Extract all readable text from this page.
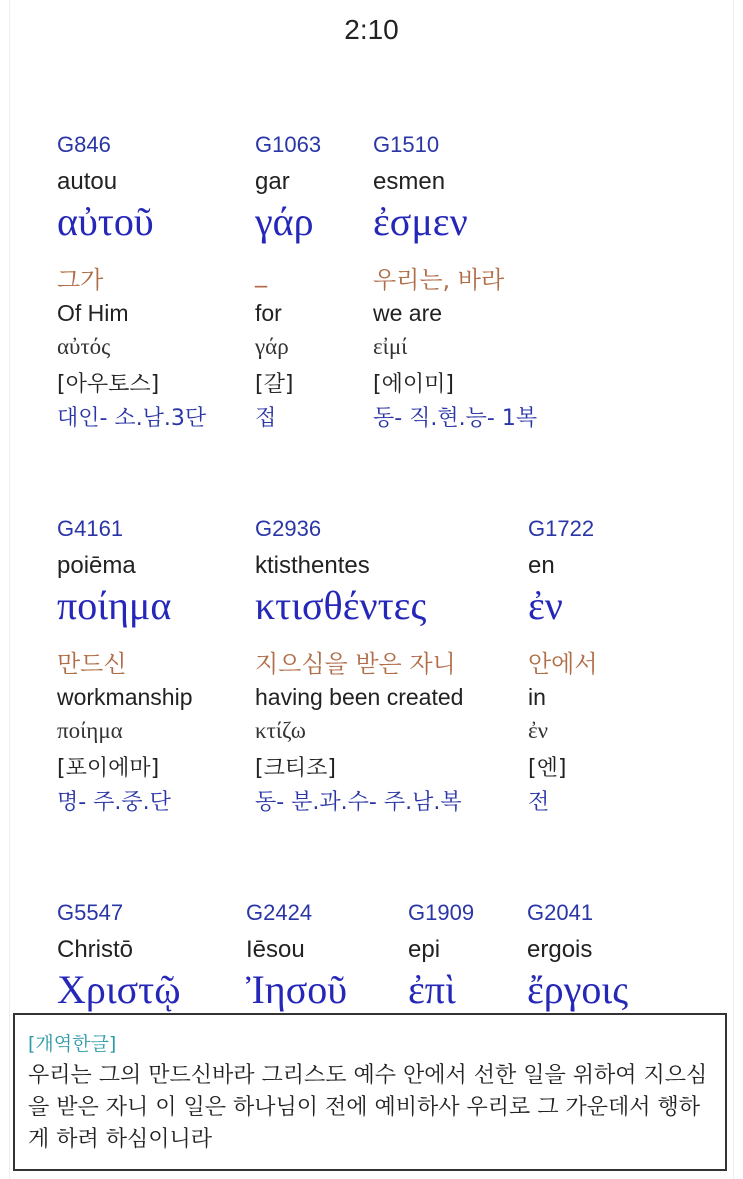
2:10
G846
autou
αὐτοῦ
그가
Of Him
αὐτός
[아우토스]
대인- 소.남.3단
G1063
gar
γάρ
_
for
γάρ
[갈]
접
G1510
esmen
ἐσμεν
우리는, 바라
we are
εἰμί
[에이미]
동- 직.현.능- 1복
G4161
poiēma
ποίημα
만드신
workmanship
ποίημα
[포이에마]
명- 주.중.단
G2936
ktisthentes
κτισθέντες
지으심을 받은 자니
having been created
κτίζω
[크티조]
동- 분.과.수- 주.남.복
G1722
en
ἐν
안에서
in
ἐν
[엔]
전
G5547
Christō
Χριστῷ
G2424
Iēsou
Ἰησοῦ
G1909
epi
ἐπὶ
G2041
ergois
ἔργοις
[개역한글]
우리는 그의 만드신바라 그리스도 예수 안에서 선한 일을 위하여 지으심을 받은 자니 이 일은 하나님이 전에 예비하사 우리로 그 가운데서 행하게 하려 하심이니라
